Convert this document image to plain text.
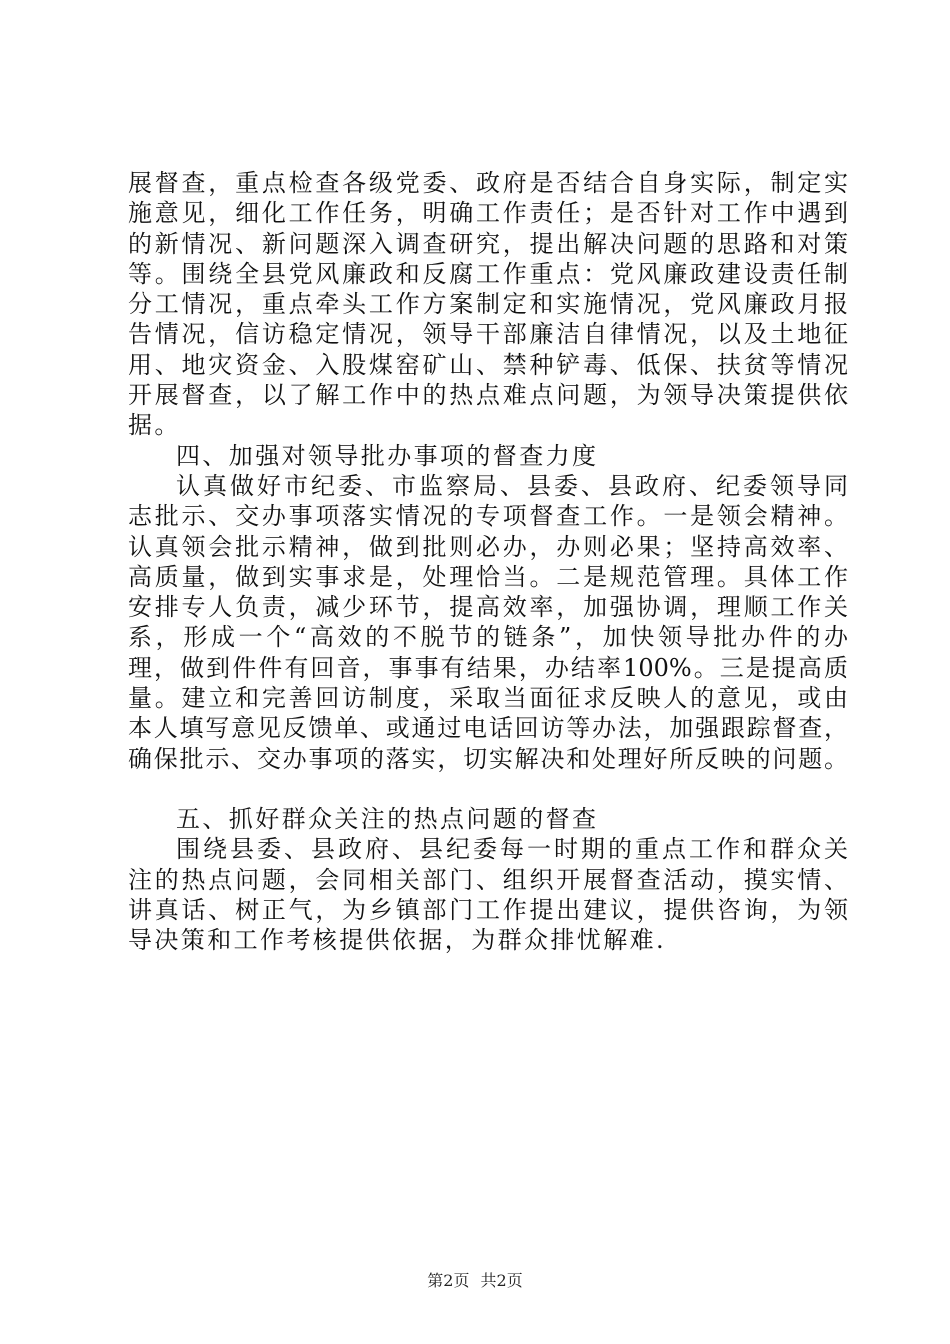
展督查，重点检查各级党委、政府是否结合自身实际，制定实
施意见，细化工作任务，明确工作责任；是否针对工作中遇到
的新情况、新问题深入调查研究，提出解决问题的思路和对策
等。围绕全县党风廉政和反腐工作重点：党风廉政建设责任制
分工情况，重点牵头工作方案制定和实施情况，党风廉政月报
告情况，信访稳定情况，领导干部廉洁自律情况，以及土地征
用、地灾资金、入股煤窑矿山、禁种铲毒、低保、扶贫等情况
开展督查，以了解工作中的热点难点问题，为领导决策提供依
据。
四、加强对领导批办事项的督查力度
认真做好市纪委、市监察局、县委、县政府、纪委领导同
志批示、交办事项落实情况的专项督查工作。一是领会精神。
认真领会批示精神，做到批则必办，办则必果；坚持高效率、
高质量，做到实事求是，处理恰当。二是规范管理。具体工作
安排专人负责，减少环节，提高效率，加强协调，理顺工作关
系，形成一个“高效的不脱节的链条”，加快领导批办件的办
理，做到件件有回音，事事有结果，办结率100%。三是提高质
量。建立和完善回访制度，采取当面征求反映人的意见，或由
本人填写意见反馈单、或通过电话回访等办法，加强跟踪督查，
确保批示、交办事项的落实，切实解决和处理好所反映的问题。
五、抓好群众关注的热点问题的督查
围绕县委、县政府、县纪委每一时期的重点工作和群众关
注的热点问题，会同相关部门、组织开展督查活动，摸实情、
讲真话、树正气，为乡镇部门工作提出建议，提供咨询，为领
导决策和工作考核提供依据，为群众排忧解难.
第2页 共2页
